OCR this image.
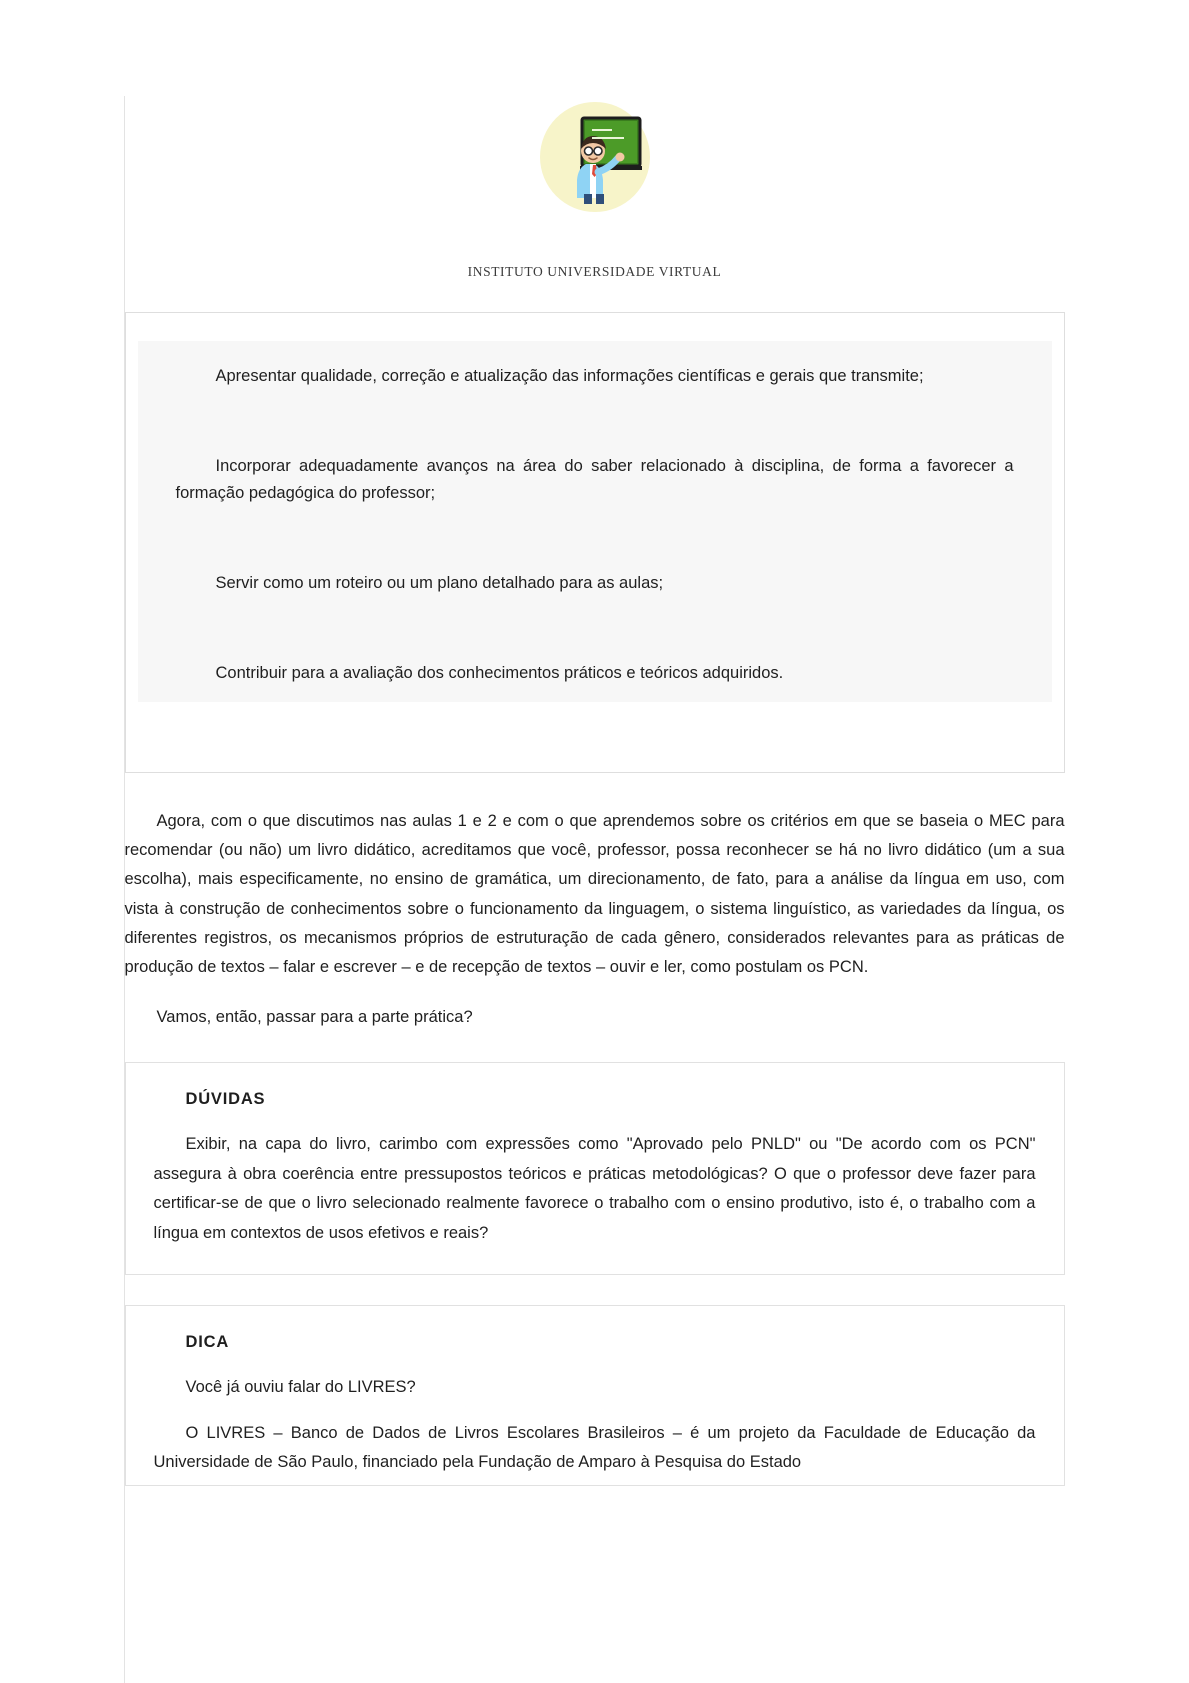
INSTITUTO UNIVERSIDADE VIRTUAL

Apresentar qualidade, correção e atualização das informações científicas e gerais que transmite;

Incorporar adequadamente avanços na área do saber relacionado à disciplina, de forma a favorecer a formação pedagógica do professor;

Servir como um roteiro ou um plano detalhado para as aulas;

Contribuir para a avaliação dos conhecimentos práticos e teóricos adquiridos.

Agora, com o que discutimos nas aulas 1 e 2 e com o que aprendemos sobre os critérios em que se baseia o MEC para recomendar (ou não) um livro didático, acreditamos que você, professor, possa reconhecer se há no livro didático (um a sua escolha), mais especificamente, no ensino de gramática, um direcionamento, de fato, para a análise da língua em uso, com vista à construção de conhecimentos sobre o funcionamento da linguagem, o sistema linguístico, as variedades da língua, os diferentes registros, os mecanismos próprios de estruturação de cada gênero, considerados relevantes para as práticas de produção de textos – falar e escrever – e de recepção de textos – ouvir e ler, como postulam os PCN.

Vamos, então, passar para a parte prática?

DÚVIDAS

Exibir, na capa do livro, carimbo com expressões como "Aprovado pelo PNLD" ou "De acordo com os PCN" assegura à obra coerência entre pressupostos teóricos e práticas metodológicas? O que o professor deve fazer para certificar-se de que o livro selecionado realmente favorece o trabalho com o ensino produtivo, isto é, o trabalho com a língua em contextos de usos efetivos e reais?

DICA

Você já ouviu falar do LIVRES?

O LIVRES – Banco de Dados de Livros Escolares Brasileiros – é um projeto da Faculdade de Educação da Universidade de São Paulo, financiado pela Fundação de Amparo à Pesquisa do Estado
